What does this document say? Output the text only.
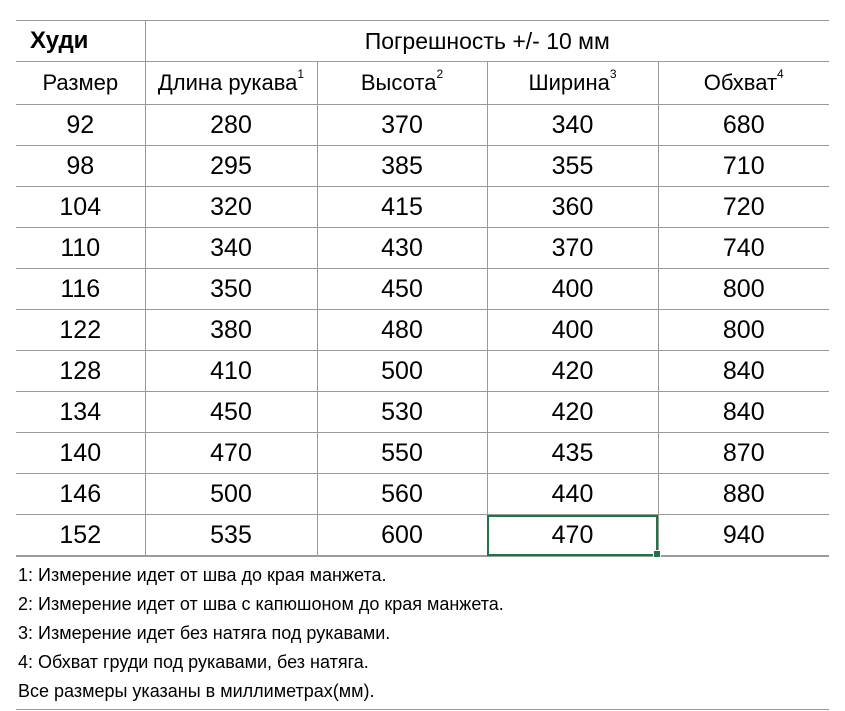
Худи	Погрешность +/- 10 мм			
Размер	Длина рукава$^1$	Высота$^2$	Ширина$^3$	Обхват$^4$
92	280	370	340	680
98	295	385	355	710
104	320	415	360	720
110	340	430	370	740
116	350	450	400	800
122	380	480	400	800
128	410	500	420	840
134	450	530	420	840
140	470	550	435	870
146	500	560	440	880
152	535	600	470	940
1: Измерение идет от шва до края манжета.
2: Измерение идет от шва с капюшоном до края манжета.
3: Измерение идет без натяга под рукавами.
4: Обхват груди под рукавами, без натяга.
Все размеры указаны в миллиметрах(мм).
